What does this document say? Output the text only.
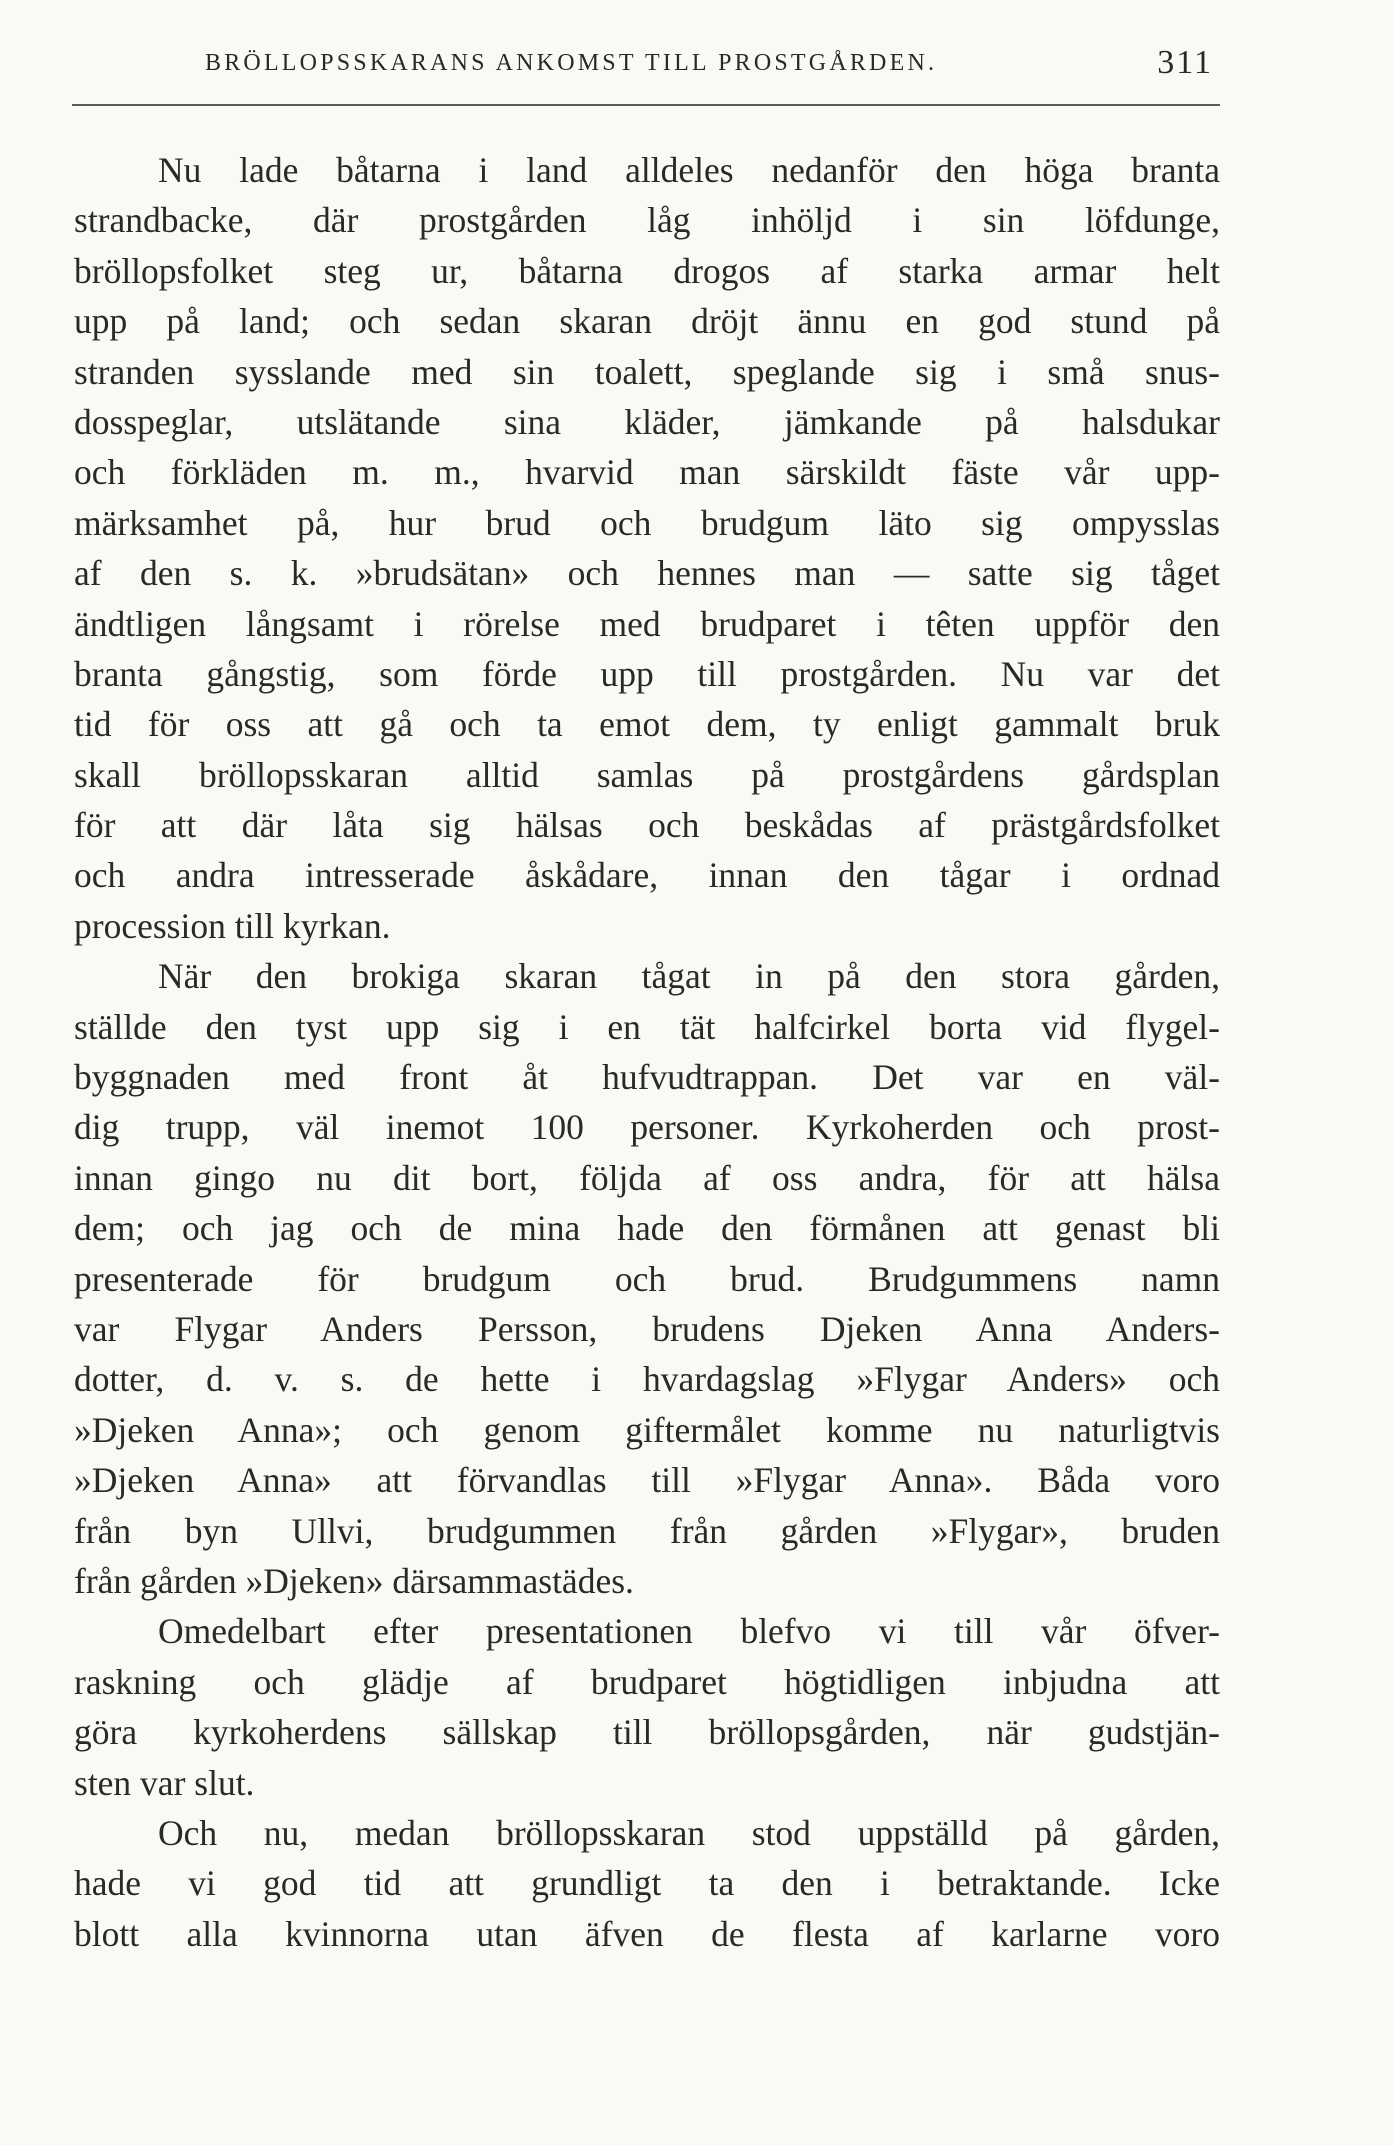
BRÖLLOPSSKARANS ANKOMST TILL PROSTGÅRDEN.	311
Nu lade båtarna i land alldeles nedanför den höga branta
strandbacke, där prostgården låg inhöljd i sin löfdunge,
bröllopsfolket steg ur, båtarna drogos af starka armar helt
upp på land; och sedan skaran dröjt ännu en god stund på
stranden sysslande med sin toalett, speglande sig i små snus-
dosspeglar, utslätande sina kläder, jämkande på halsdukar
och förkläden m. m., hvarvid man särskildt fäste vår upp-
märksamhet på, hur brud och brudgum läto sig ompysslas
af den s. k. »brudsätan» och hennes man — satte sig tåget
ändtligen långsamt i rörelse med brudparet i têten uppför den
branta gångstig, som förde upp till prostgården. Nu var det
tid för oss att gå och ta emot dem, ty enligt gammalt bruk
skall bröllopsskaran alltid samlas på prostgårdens gårdsplan
för att där låta sig hälsas och beskådas af prästgårdsfolket
och andra intresserade åskådare, innan den tågar i ordnad
procession till kyrkan.
När den brokiga skaran tågat in på den stora gården,
ställde den tyst upp sig i en tät halfcirkel borta vid flygel-
byggnaden med front åt hufvudtrappan. Det var en väl-
dig trupp, väl inemot 100 personer. Kyrkoherden och prost-
innan gingo nu dit bort, följda af oss andra, för att hälsa
dem; och jag och de mina hade den förmånen att genast bli
presenterade för brudgum och brud. Brudgummens namn
var Flygar Anders Persson, brudens Djeken Anna Anders-
dotter, d. v. s. de hette i hvardagslag »Flygar Anders» och
»Djeken Anna»; och genom giftermålet komme nu naturligtvis
»Djeken Anna» att förvandlas till »Flygar Anna». Båda voro
från byn Ullvi, brudgummen från gården »Flygar», bruden
från gården »Djeken» därsammastädes.
Omedelbart efter presentationen blefvo vi till vår öfver-
raskning och glädje af brudparet högtidligen inbjudna att
göra kyrkoherdens sällskap till bröllopsgården, när gudstjän-
sten var slut.
Och nu, medan bröllopsskaran stod uppställd på gården,
hade vi god tid att grundligt ta den i betraktande. Icke
blott alla kvinnorna utan äfven de flesta af karlarne voro
